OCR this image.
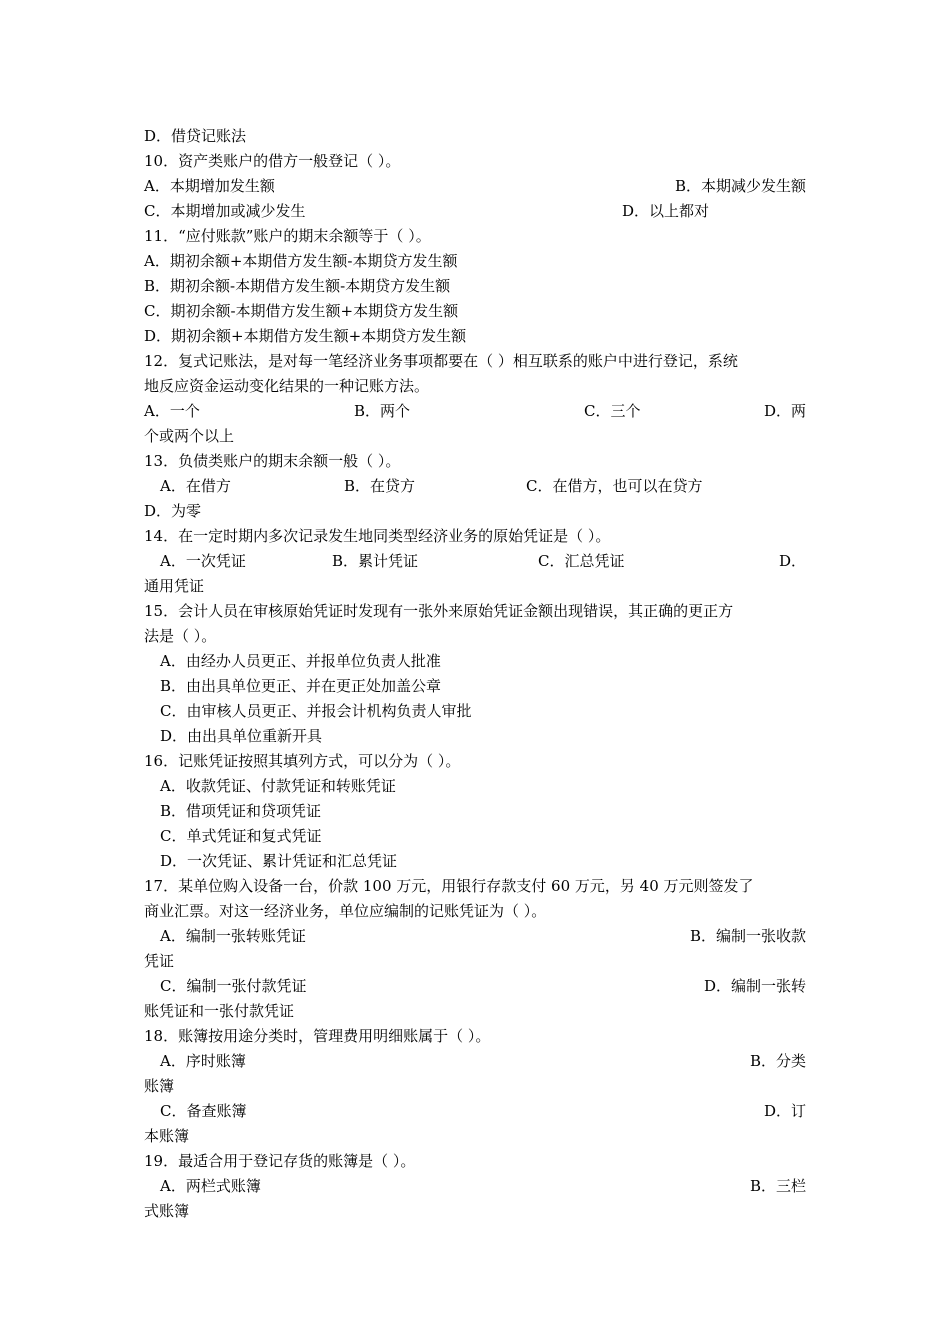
D．借贷记账法
10．资产类账户的借方一般登记（ ）。
A．本期增加发生额	B．本期减少发生额
C．本期增加或减少发生	D．以上都对
11．“应付账款”账户的期末余额等于（ ）。
A．期初余额+本期借方发生额-本期贷方发生额
B．期初余额-本期借方发生额-本期贷方发生额
C．期初余额-本期借方发生额+本期贷方发生额
D．期初余额+本期借方发生额+本期贷方发生额
12．复式记账法，是对每一笔经济业务事项都要在（ ）相互联系的账户中进行登记，系统
地反应资金运动变化结果的一种记账方法。
A．一个	B．两个	C．三个	D．两
个或两个以上
13．负债类账户的期末余额一般（ ）。
A．在借方	B．在贷方	C．在借方，也可以在贷方
D．为零
14．在一定时期内多次记录发生地同类型经济业务的原始凭证是（ ）。
A．一次凭证	B．累计凭证	C．汇总凭证	D．
通用凭证
15．会计人员在审核原始凭证时发现有一张外来原始凭证金额出现错误，其正确的更正方
法是（ ）。
A．由经办人员更正、并报单位负责人批准
B．由出具单位更正、并在更正处加盖公章
C．由审核人员更正、并报会计机构负责人审批
D．由出具单位重新开具
16．记账凭证按照其填列方式，可以分为（ ）。
A．收款凭证、付款凭证和转账凭证
B．借项凭证和贷项凭证
C．单式凭证和复式凭证
D．一次凭证、累计凭证和汇总凭证
17．某单位购入设备一台，价款 100 万元，用银行存款支付 60 万元，另 40 万元则签发了
商业汇票。对这一经济业务，单位应编制的记账凭证为（ ）。
A．编制一张转账凭证	B．编制一张收款
凭证
C．编制一张付款凭证	D．编制一张转
账凭证和一张付款凭证
18．账簿按用途分类时，管理费用明细账属于（ ）。
A．序时账簿	B．分类
账簿
C．备查账簿	D．订
本账簿
19．最适合用于登记存货的账簿是（ ）。
A．两栏式账簿	B．三栏
式账簿
